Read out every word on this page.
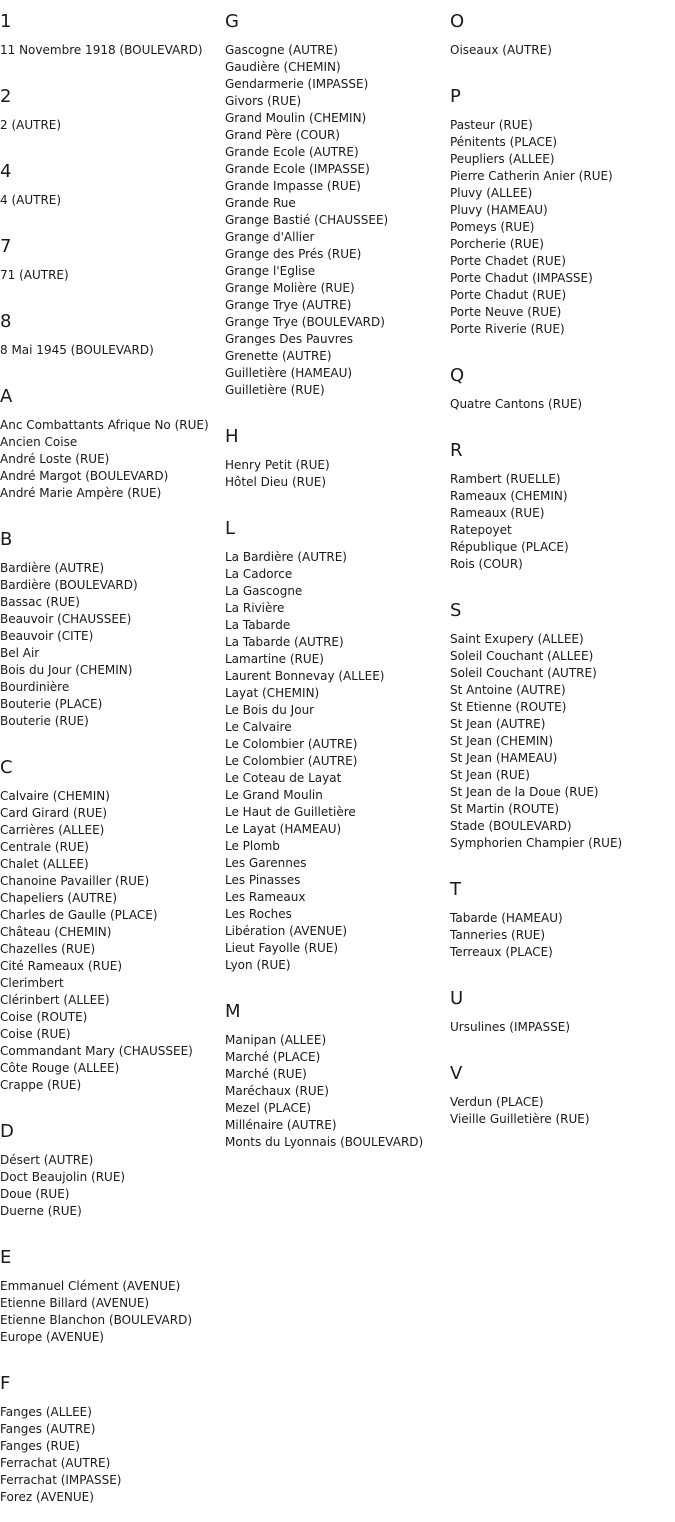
1
11 Novembre 1918 (BOULEVARD)
2
2 (AUTRE)
4
4 (AUTRE)
7
71 (AUTRE)
8
8 Mai 1945 (BOULEVARD)
A
Anc Combattants Afrique No (RUE)
Ancien Coise
André Loste (RUE)
André Margot (BOULEVARD)
André Marie Ampère (RUE)
B
Bardière (AUTRE)
Bardière (BOULEVARD)
Bassac (RUE)
Beauvoir (CHAUSSEE)
Beauvoir (CITE)
Bel Air
Bois du Jour (CHEMIN)
Bourdinière
Bouterie (PLACE)
Bouterie (RUE)
C
Calvaire (CHEMIN)
Card Girard (RUE)
Carrières (ALLEE)
Centrale (RUE)
Chalet (ALLEE)
Chanoine Pavailler (RUE)
Chapeliers (AUTRE)
Charles de Gaulle (PLACE)
Château (CHEMIN)
Chazelles (RUE)
Cité Rameaux (RUE)
Clerimbert
Clérinbert (ALLEE)
Coise (ROUTE)
Coise (RUE)
Commandant Mary (CHAUSSEE)
Côte Rouge (ALLEE)
Crappe (RUE)
D
Désert (AUTRE)
Doct Beaujolin (RUE)
Doue (RUE)
Duerne (RUE)
E
Emmanuel Clément (AVENUE)
Etienne Billard (AVENUE)
Etienne Blanchon (BOULEVARD)
Europe (AVENUE)
F
Fanges (ALLEE)
Fanges (AUTRE)
Fanges (RUE)
Ferrachat (AUTRE)
Ferrachat (IMPASSE)
Forez (AVENUE)
G
Gascogne (AUTRE)
Gaudière (CHEMIN)
Gendarmerie (IMPASSE)
Givors (RUE)
Grand Moulin (CHEMIN)
Grand Père (COUR)
Grande Ecole (AUTRE)
Grande Ecole (IMPASSE)
Grande Impasse (RUE)
Grande Rue
Grange Bastié (CHAUSSEE)
Grange d'Allier
Grange des Prés (RUE)
Grange l'Eglise
Grange Molière (RUE)
Grange Trye (AUTRE)
Grange Trye (BOULEVARD)
Granges Des Pauvres
Grenette (AUTRE)
Guilletière (HAMEAU)
Guilletière (RUE)
H
Henry Petit (RUE)
Hôtel Dieu (RUE)
L
La Bardière (AUTRE)
La Cadorce
La Gascogne
La Rivière
La Tabarde
La Tabarde (AUTRE)
Lamartine (RUE)
Laurent Bonnevay (ALLEE)
Layat (CHEMIN)
Le Bois du Jour
Le Calvaire
Le Colombier (AUTRE)
Le Colombier (AUTRE)
Le Coteau de Layat
Le Grand Moulin
Le Haut de Guilletière
Le Layat (HAMEAU)
Le Plomb
Les Garennes
Les Pinasses
Les Rameaux
Les Roches
Libération (AVENUE)
Lieut Fayolle (RUE)
Lyon (RUE)
M
Manipan (ALLEE)
Marché (PLACE)
Marché (RUE)
Maréchaux (RUE)
Mezel (PLACE)
Millénaire (AUTRE)
Monts du Lyonnais (BOULEVARD)
O
Oiseaux (AUTRE)
P
Pasteur (RUE)
Pénitents (PLACE)
Peupliers (ALLEE)
Pierre Catherin Anier (RUE)
Pluvy (ALLEE)
Pluvy (HAMEAU)
Pomeys (RUE)
Porcherie (RUE)
Porte Chadet (RUE)
Porte Chadut (IMPASSE)
Porte Chadut (RUE)
Porte Neuve (RUE)
Porte Riverie (RUE)
Q
Quatre Cantons (RUE)
R
Rambert (RUELLE)
Rameaux (CHEMIN)
Rameaux (RUE)
Ratepoyet
République (PLACE)
Rois (COUR)
S
Saint Exupery (ALLEE)
Soleil Couchant (ALLEE)
Soleil Couchant (AUTRE)
St Antoine (AUTRE)
St Etienne (ROUTE)
St Jean (AUTRE)
St Jean (CHEMIN)
St Jean (HAMEAU)
St Jean (RUE)
St Jean de la Doue (RUE)
St Martin (ROUTE)
Stade (BOULEVARD)
Symphorien Champier (RUE)
T
Tabarde (HAMEAU)
Tanneries (RUE)
Terreaux (PLACE)
U
Ursulines (IMPASSE)
V
Verdun (PLACE)
Vieille Guilletière (RUE)
